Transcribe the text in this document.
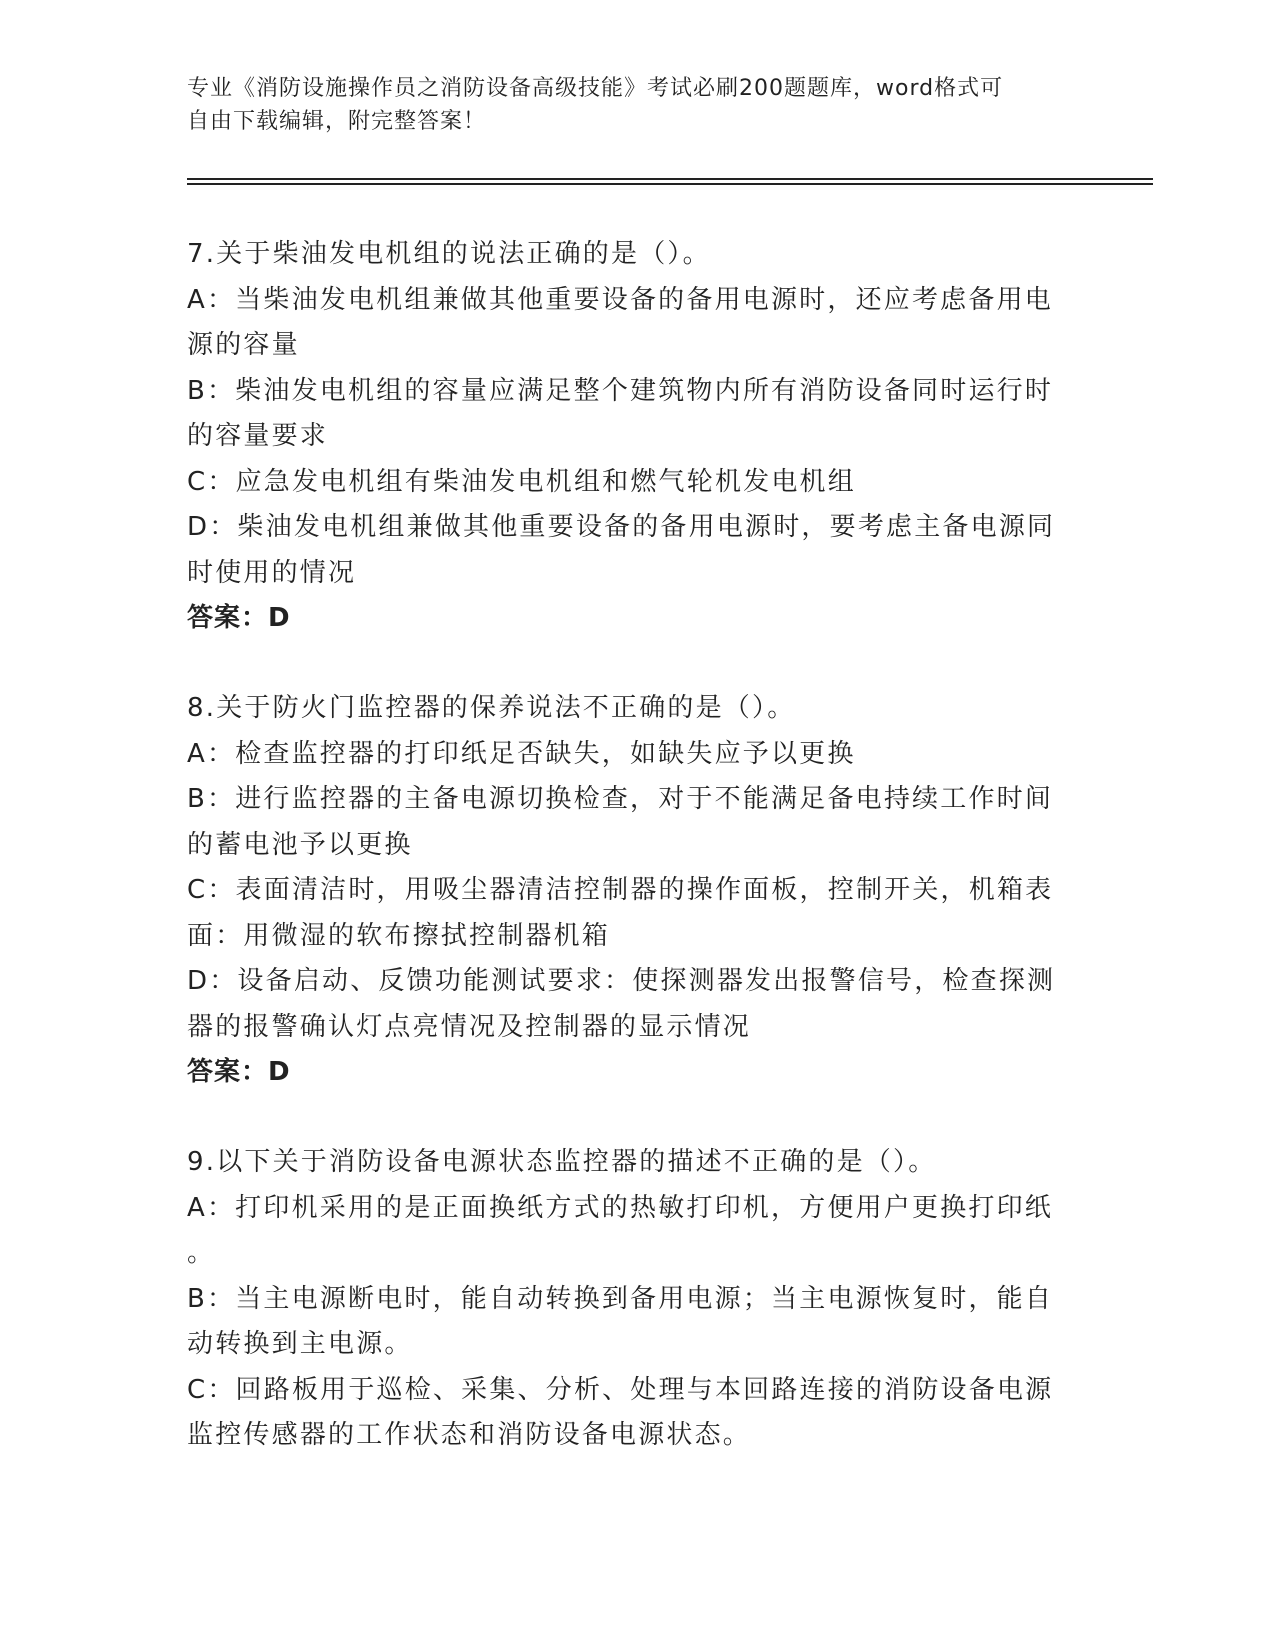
专业《消防设施操作员之消防设备高级技能》考试必刷200题题库，word格式可
自由下载编辑，附完整答案！
7.关于柴油发电机组的说法正确的是（）。
A：当柴油发电机组兼做其他重要设备的备用电源时，还应考虑备用电
源的容量
B：柴油发电机组的容量应满足整个建筑物内所有消防设备同时运行时
的容量要求
C：应急发电机组有柴油发电机组和燃气轮机发电机组
D：柴油发电机组兼做其他重要设备的备用电源时，要考虑主备电源同
时使用的情况
答案：D
8.关于防火门监控器的保养说法不正确的是（）。
A：检查监控器的打印纸足否缺失，如缺失应予以更换
B：进行监控器的主备电源切换检查，对于不能满足备电持续工作时间
的蓄电池予以更换
C：表面清洁时，用吸尘器清洁控制器的操作面板，控制开关，机箱表
面：用微湿的软布擦拭控制器机箱
D：设备启动、反馈功能测试要求：使探测器发出报警信号，检查探测
器的报警确认灯点亮情况及控制器的显示情况
答案：D
9.以下关于消防设备电源状态监控器的描述不正确的是（）。
A：打印机采用的是正面换纸方式的热敏打印机，方便用户更换打印纸
。
B：当主电源断电时，能自动转换到备用电源；当主电源恢复时，能自
动转换到主电源。
C：回路板用于巡检、采集、分析、处理与本回路连接的消防设备电源
监控传感器的工作状态和消防设备电源状态。
